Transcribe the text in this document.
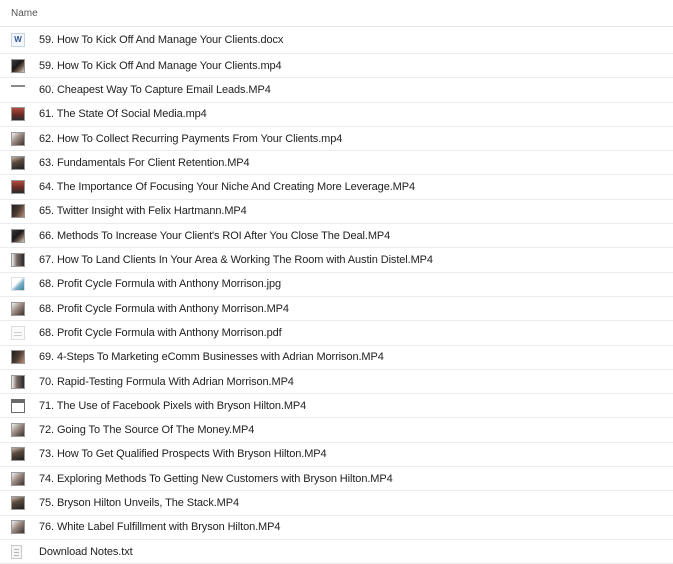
Name
W
59. How To Kick Off And Manage Your Clients.docx
59. How To Kick Off And Manage Your Clients.mp4
60. Cheapest Way To Capture Email Leads.MP4
61. The State Of Social Media.mp4
62. How To Collect Recurring Payments From Your Clients.mp4
63. Fundamentals For Client Retention.MP4
64. The Importance Of Focusing Your Niche And Creating More Leverage.MP4
65. Twitter Insight with Felix Hartmann.MP4
66. Methods To Increase Your Client's ROI After You Close The Deal.MP4
67. How To Land Clients In Your Area & Working The Room with Austin Distel.MP4
68. Profit Cycle Formula with Anthony Morrison.jpg
68. Profit Cycle Formula with Anthony Morrison.MP4
68. Profit Cycle Formula with Anthony Morrison.pdf
69. 4-Steps To Marketing eComm Businesses with Adrian Morrison.MP4
70. Rapid-Testing Formula With Adrian Morrison.MP4
71. The Use of Facebook Pixels with Bryson Hilton.MP4
72. Going To The Source Of The Money.MP4
73. How To Get Qualified Prospects With Bryson Hilton.MP4
74. Exploring Methods To Getting New Customers with Bryson Hilton.MP4
75. Bryson Hilton Unveils, The Stack.MP4
76. White Label Fulfillment with Bryson Hilton.MP4
Download Notes.txt
